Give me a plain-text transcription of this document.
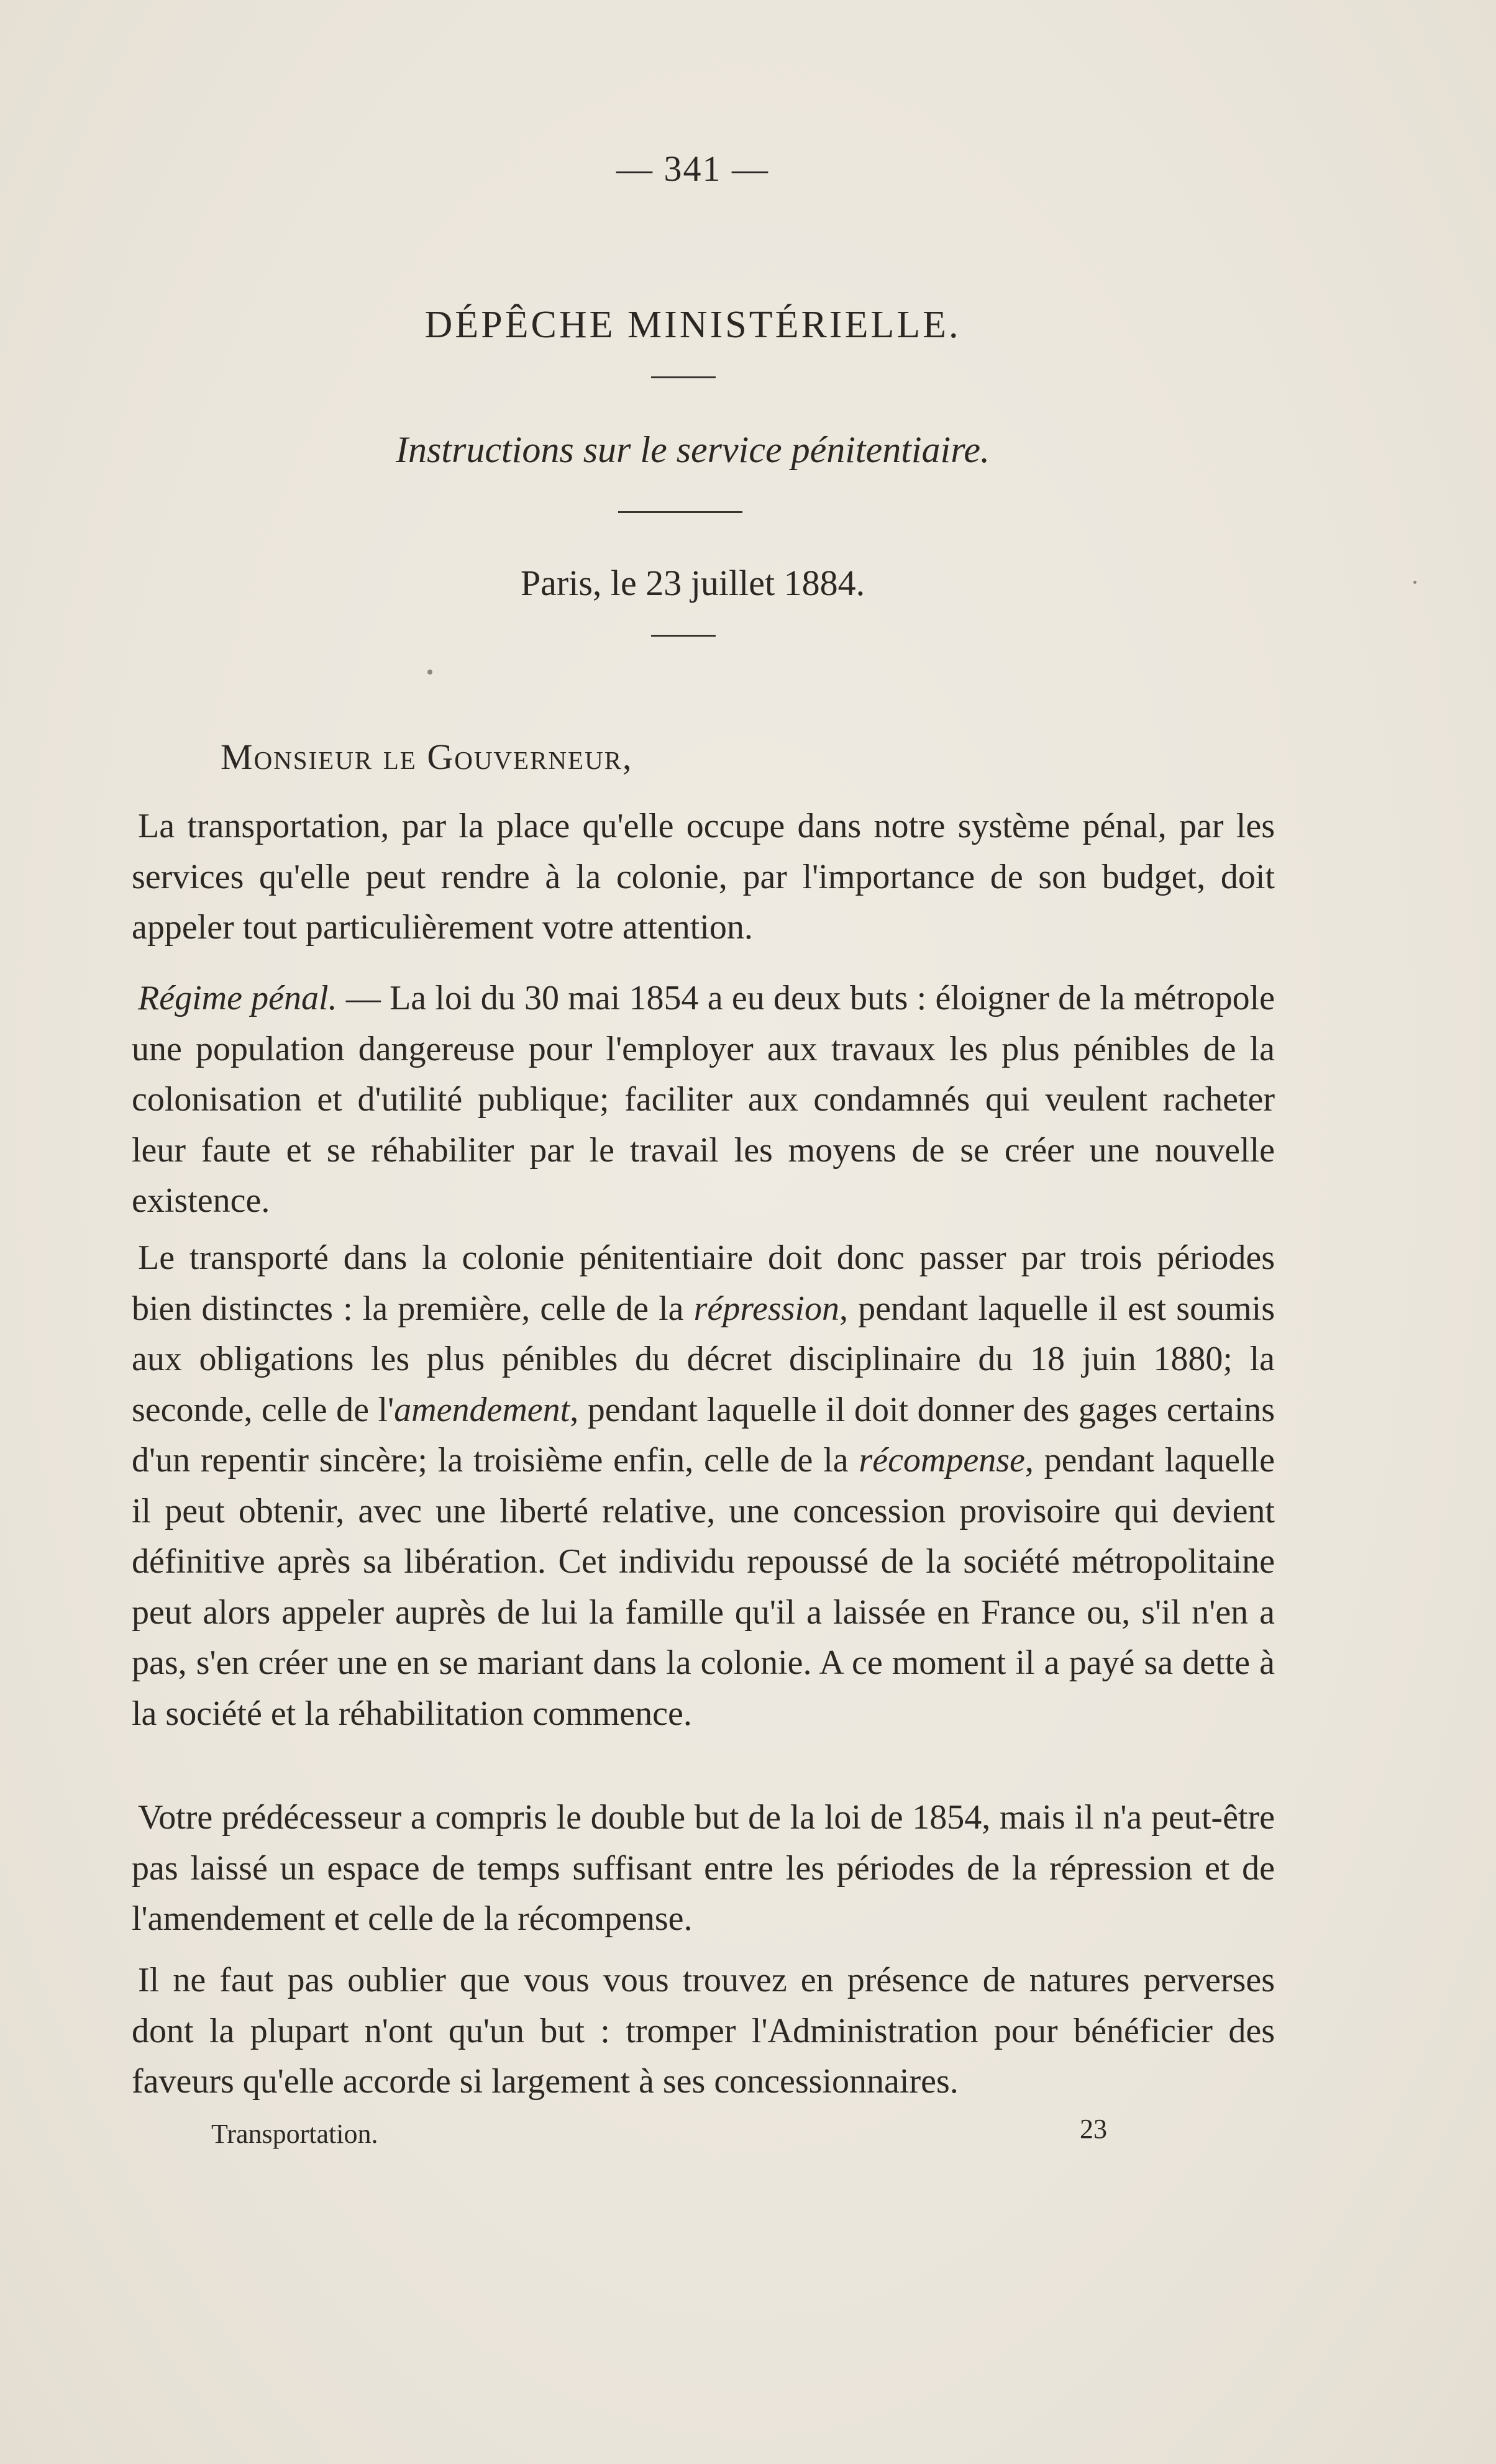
— 341 —
DÉPÊCHE MINISTÉRIELLE.
Instructions sur le service pénitentiaire.
Paris, le 23 juillet 1884.
Monsieur le Gouverneur,

La transportation, par la place qu'elle occupe dans notre système pénal, par les services qu'elle peut rendre à la colonie, par l'importance de son budget, doit appeler tout particulièrement votre attention.

Régime pénal. — La loi du 30 mai 1854 a eu deux buts : éloigner de la métropole une population dangereuse pour l'employer aux travaux les plus pénibles de la colonisation et d'utilité publique; faciliter aux condamnés qui veulent racheter leur faute et se réhabiliter par le travail les moyens de se créer une nouvelle existence.

Le transporté dans la colonie pénitentiaire doit donc passer par trois périodes bien distinctes : la première, celle de la répression, pendant laquelle il est soumis aux obligations les plus pénibles du décret disciplinaire du 18 juin 1880; la seconde, celle de l'amendement, pendant laquelle il doit donner des gages certains d'un repentir sincère; la troisième enfin, celle de la récompense, pendant laquelle il peut obtenir, avec une liberté relative, une concession provisoire qui devient définitive après sa libération. Cet individu repoussé de la société métropolitaine peut alors appeler auprès de lui la famille qu'il a laissée en France ou, s'il n'en a pas, s'en créer une en se mariant dans la colonie. A ce moment il a payé sa dette à la société et la réhabilitation commence.

Votre prédécesseur a compris le double but de la loi de 1854, mais il n'a peut-être pas laissé un espace de temps suffisant entre les périodes de la répression et de l'amendement et celle de la récompense.

Il ne faut pas oublier que vous vous trouvez en présence de natures perverses dont la plupart n'ont qu'un but : tromper l'Administration pour bénéficier des faveurs qu'elle accorde si largement à ses concessionnaires.

Transportation.	23
